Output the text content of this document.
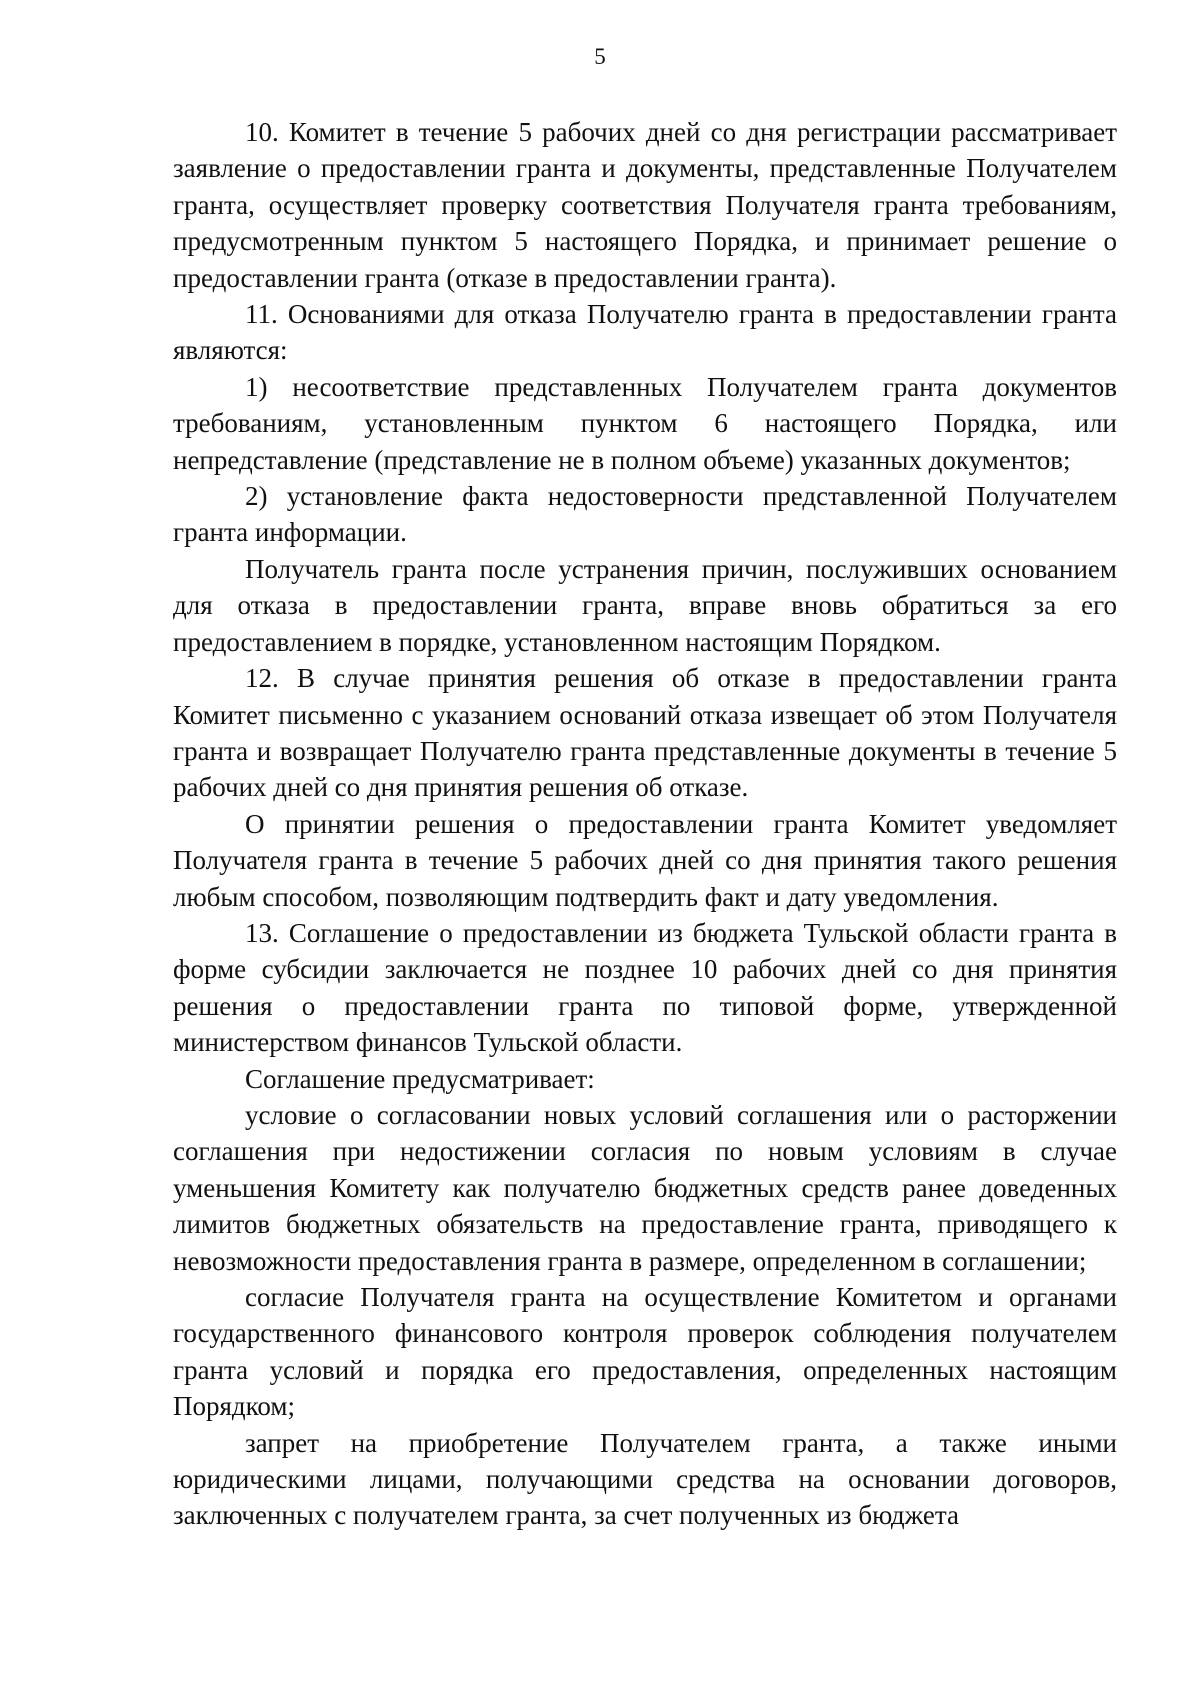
5

10. Комитет в течение 5 рабочих дней со дня регистрации рассматривает заявление о предоставлении гранта и документы, представленные Получателем гранта, осуществляет проверку соответствия Получателя гранта требованиям, предусмотренным пунктом 5 настоящего Порядка, и принимает решение о предоставлении гранта (отказе в предоставлении гранта).

11. Основаниями для отказа Получателю гранта в предоставлении гранта являются:

1) несоответствие представленных Получателем гранта документов требованиям, установленным пунктом 6 настоящего Порядка, или непредставление (представление не в полном объеме) указанных документов;

2) установление факта недостоверности представленной Получателем гранта информации.

Получатель гранта после устранения причин, послуживших основанием для отказа в предоставлении гранта, вправе вновь обратиться за его предоставлением в порядке, установленном настоящим Порядком.

12. В случае принятия решения об отказе в предоставлении гранта Комитет письменно с указанием оснований отказа извещает об этом Получателя гранта и возвращает Получателю гранта представленные документы в течение 5 рабочих дней со дня принятия решения об отказе.

О принятии решения о предоставлении гранта Комитет уведомляет Получателя гранта в течение 5 рабочих дней со дня принятия такого решения любым способом, позволяющим подтвердить факт и дату уведомления.

13. Соглашение о предоставлении из бюджета Тульской области гранта в форме субсидии заключается не позднее 10 рабочих дней со дня принятия решения о предоставлении гранта по типовой форме, утвержденной министерством финансов Тульской области.

Соглашение предусматривает:

условие о согласовании новых условий соглашения или о расторжении соглашения при недостижении согласия по новым условиям в случае уменьшения Комитету как получателю бюджетных средств ранее доведенных лимитов бюджетных обязательств на предоставление гранта, приводящего к невозможности предоставления гранта в размере, определенном в соглашении;

согласие Получателя гранта на осуществление Комитетом и органами государственного финансового контроля проверок соблюдения получателем гранта условий и порядка его предоставления, определенных настоящим Порядком;

запрет на приобретение Получателем гранта, а также иными юридическими лицами, получающими средства на основании договоров, заключенных с получателем гранта, за счет полученных из бюджета
